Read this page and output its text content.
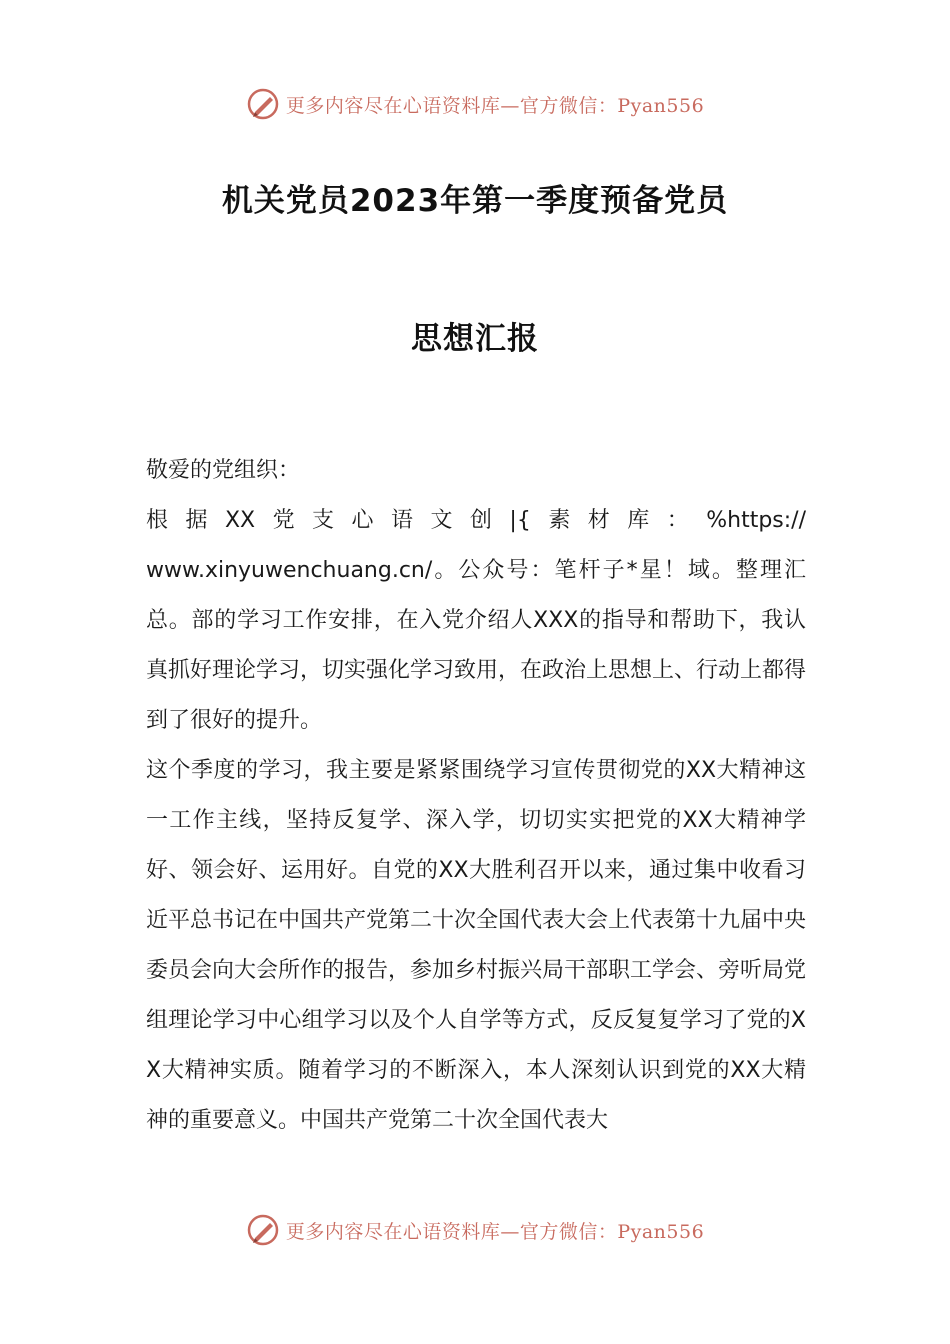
更多内容尽在心语资料库—官方微信：Pyan556
机关党员2023年第一季度预备党员
思想汇报

敬爱的党组织：

根据XX党支心语文创|{素材库：%https://

www.xinyuwenchuang.cn/。公众号：笔杆子*星！域。整理汇总。部的学习工作安排，在入党介绍人XXX的指导和帮助下，我认真抓好理论学习，切实强化学习致用，在政治上思想上、行动上都得到了很好的提升。

这个季度的学习，我主要是紧紧围绕学习宣传贯彻党的XX大精神这一工作主线，坚持反复学、深入学，切切实实把党的XX大精神学好、领会好、运用好。自党的XX大胜利召开以来，通过集中收看习近平总书记在中国共产党第二十次全国代表大会上代表第十九届中央委员会向大会所作的报告，参加乡村振兴局干部职工学会、旁听局党组理论学习中心组学习以及个人自学等方式，反反复复学习了党的XX大精神实质。随着学习的不断深入，本人深刻认识到党的XX大精神的重要意义。中国共产党第二十次全国代表大

更多内容尽在心语资料库—官方微信：Pyan556
